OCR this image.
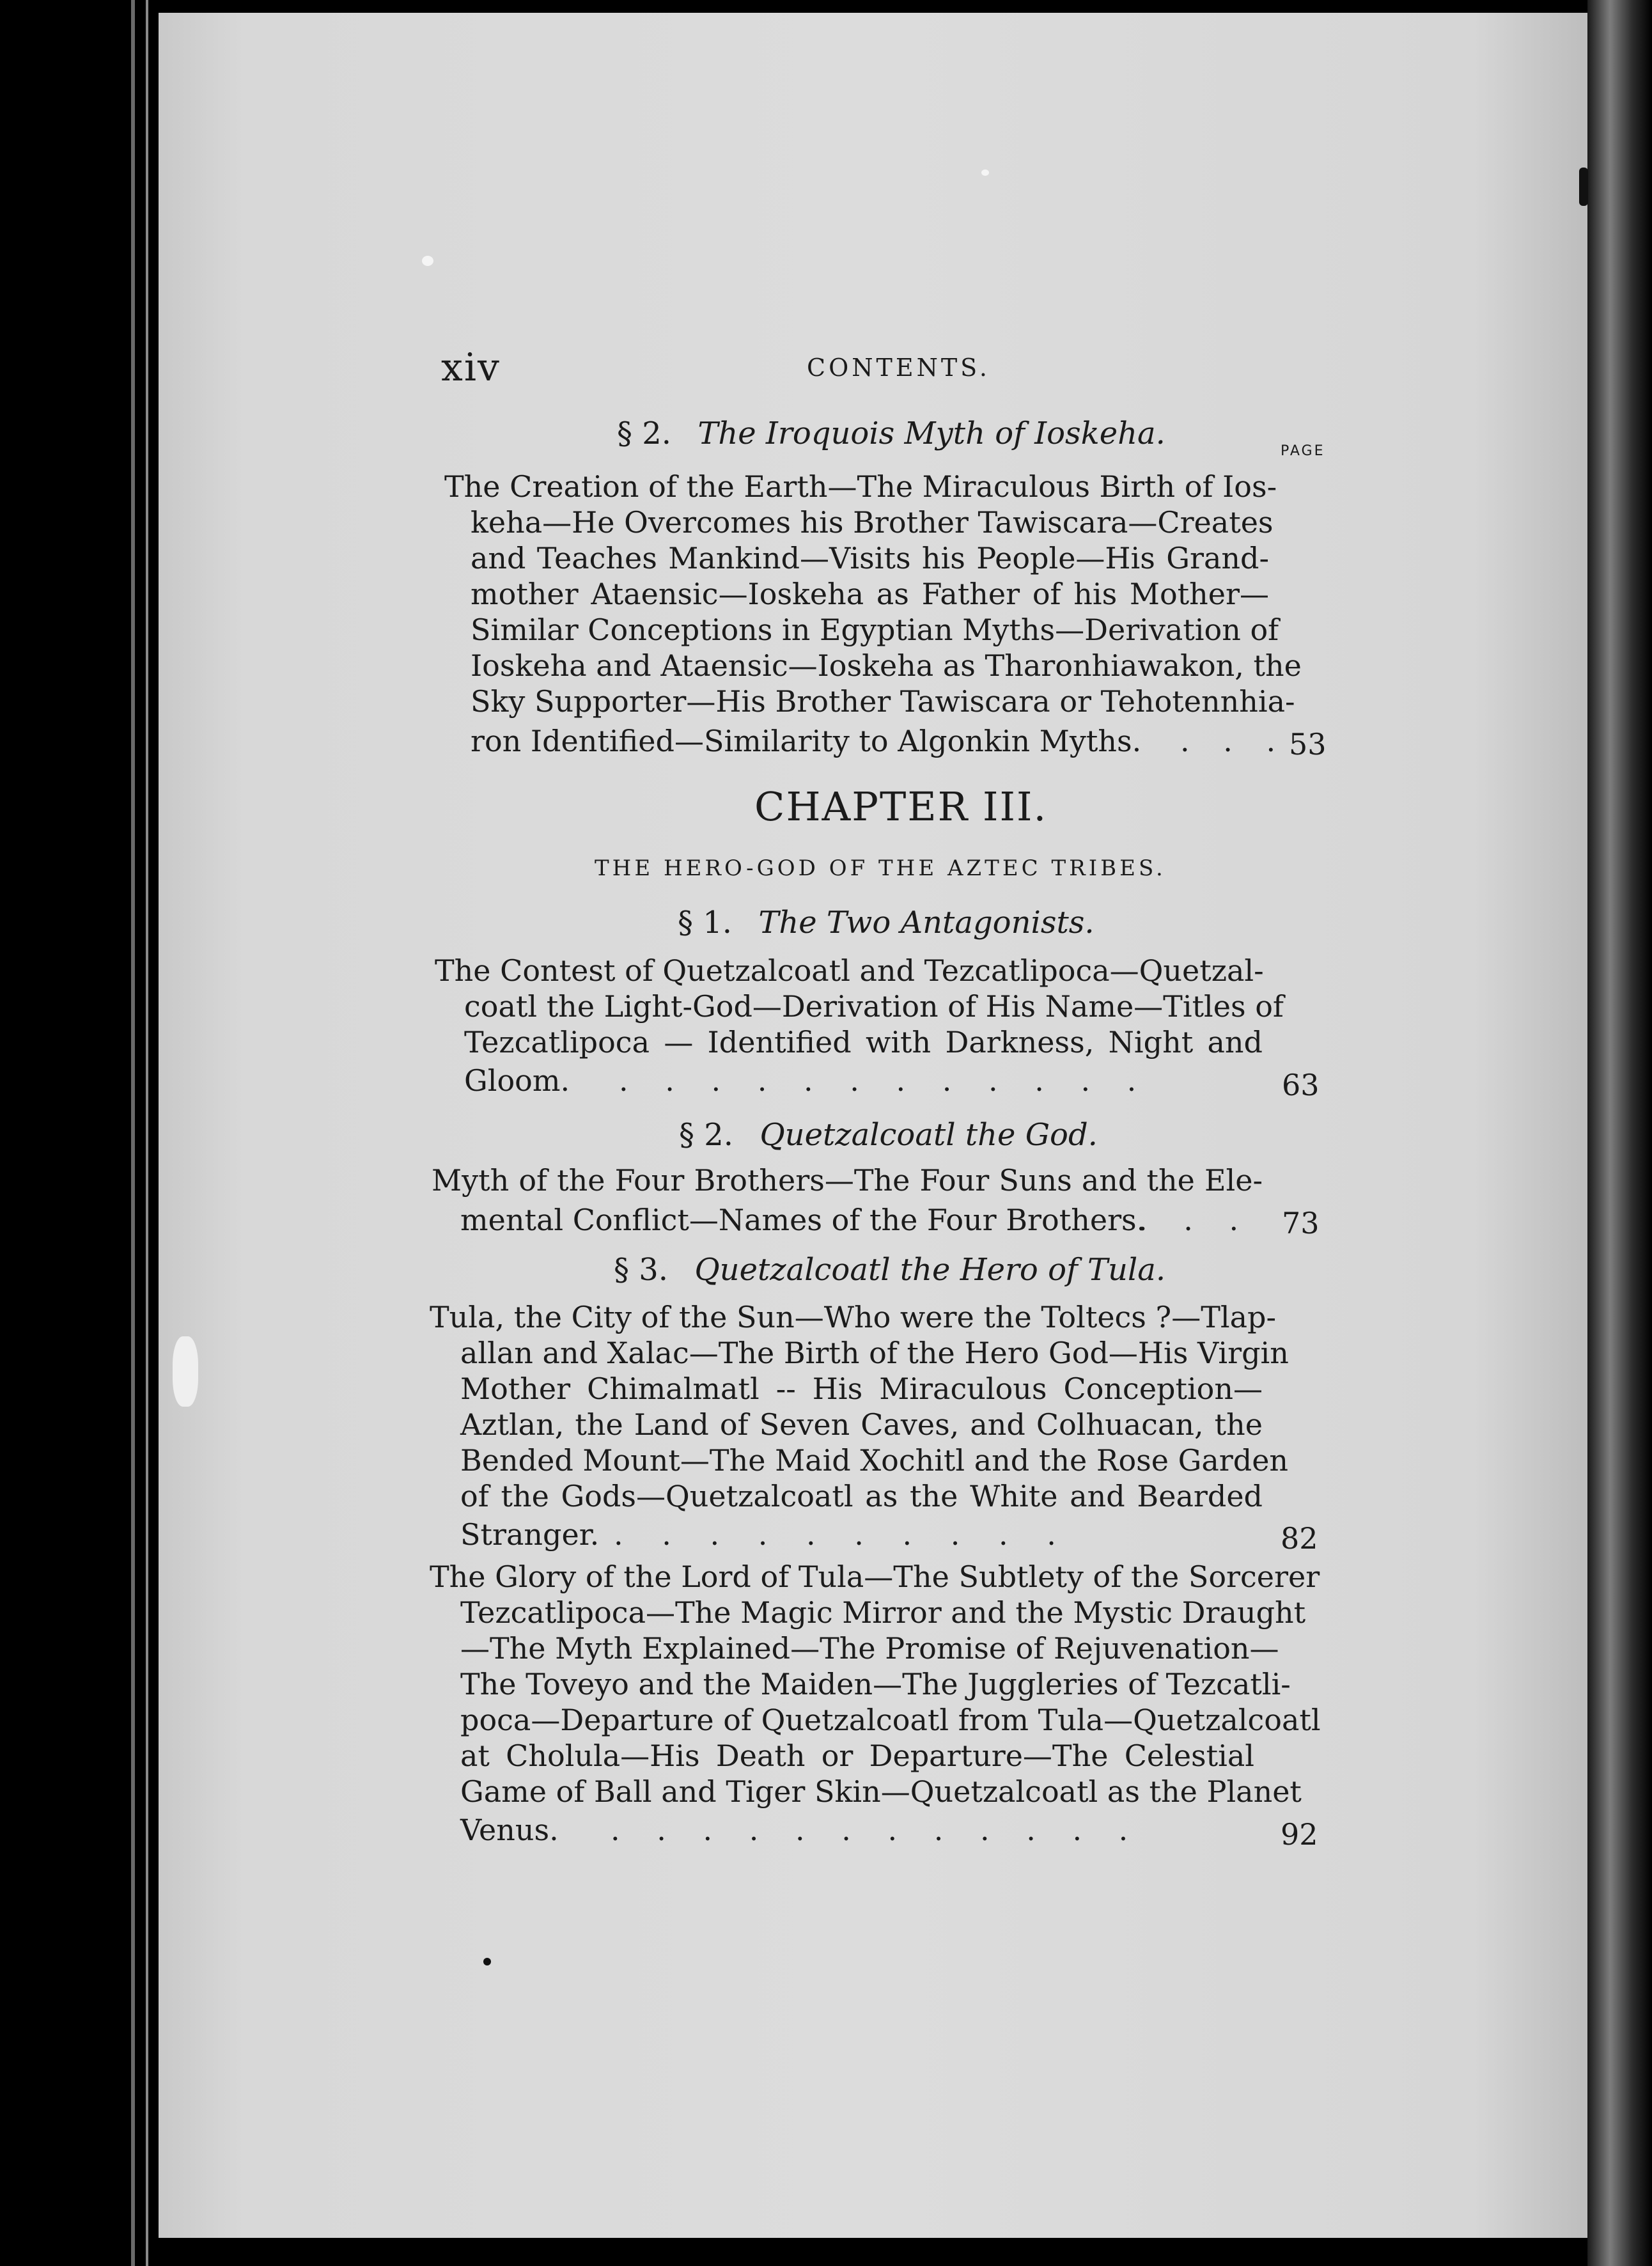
xiv	CONTENTS.
PAGE
§ 2. The Iroquois Myth of Ioskeha.
The Creation of the Earth—The Miraculous Birth of Ios-
keha—He Overcomes his Brother Tawiscara—Creates
and Teaches Mankind—Visits his People—His Grand-
mother Ataensic—Ioskeha as Father of his Mother—
Similar Conceptions in Egyptian Myths—Derivation of
Ioskeha and Ataensic—Ioskeha as Tharonhiawakon, the
Sky Supporter—His Brother Tawiscara or Tehotennhia-
ron Identified—Similarity to Algonkin Myths. . . . 53
CHAPTER III.
THE HERO-GOD OF THE AZTEC TRIBES.
§ 1. The Two Antagonists.
The Contest of Quetzalcoatl and Tezcatlipoca—Quetzal-
coatl the Light-God—Derivation of His Name—Titles of
Tezcatlipoca — Identified with Darkness, Night and
Gloom. . . . . . . . . . . . .	63
§ 2. Quetzalcoatl the God.
Myth of the Four Brothers—The Four Suns and the Ele-
mental Conflict—Names of the Four Brothers.
. . . 73
§ 3. Quetzalcoatl the Hero of Tula.
Tula, the City of the Sun—Who were the Toltecs ?—Tlap-
allan and Xalac—The Birth of the Hero God—His Virgin
Mother Chimalmatl -- His Miraculous Conception—
Aztlan, the Land of Seven Caves, and Colhuacan, the
Bended Mount—The Maid Xochitl and the Rose Garden
of the Gods—Quetzalcoatl as the White and Bearded
Stranger. . . . . . . . . . .	82
The Glory of the Lord of Tula—The Subtlety of the Sorcerer
Tezcatlipoca—The Magic Mirror and the Mystic Draught
—The Myth Explained—The Promise of Rejuvenation—
The Toveyo and the Maiden—The Juggleries of Tezcatli-
poca—Departure of Quetzalcoatl from Tula—Quetzalcoatl
at Cholula—His Death or Departure—The Celestial
Game of Ball and Tiger Skin—Quetzalcoatl as the Planet
Venus. . . . . . . . . . . . .	92
